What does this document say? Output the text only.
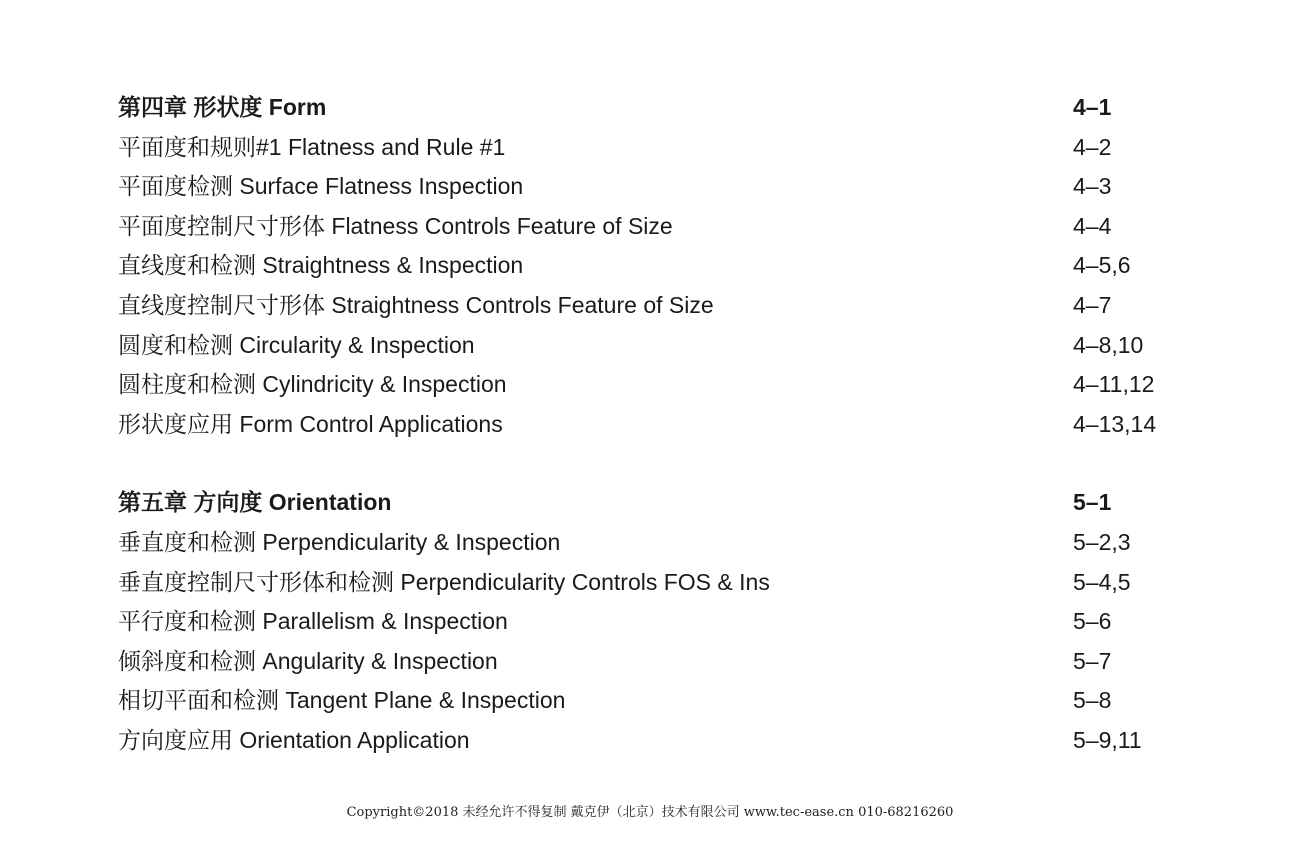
第四章 形状度 Form	4–1
平面度和规则#1 Flatness and Rule #1	4–2
平面度检测 Surface Flatness Inspection	4–3
平面度控制尺寸形体 Flatness Controls Feature of Size	4–4
直线度和检测 Straightness & Inspection	4–5,6
直线度控制尺寸形体 Straightness Controls Feature of Size	4–7
圆度和检测 Circularity & Inspection	4–8,10
圆柱度和检测 Cylindricity & Inspection	4–11,12
形状度应用 Form Control Applications	4–13,14
第五章 方向度 Orientation	5–1
垂直度和检测 Perpendicularity & Inspection	5–2,3
垂直度控制尺寸形体和检测 Perpendicularity Controls FOS & Ins	5–4,5
平行度和检测 Parallelism & Inspection	5–6
倾斜度和检测 Angularity & Inspection	5–7
相切平面和检测 Tangent Plane & Inspection	5–8
方向度应用 Orientation Application	5–9,11
Copyright©2018 未经允许不得复制 戴克伊（北京）技术有限公司 www.tec-ease.cn 010-68216260
